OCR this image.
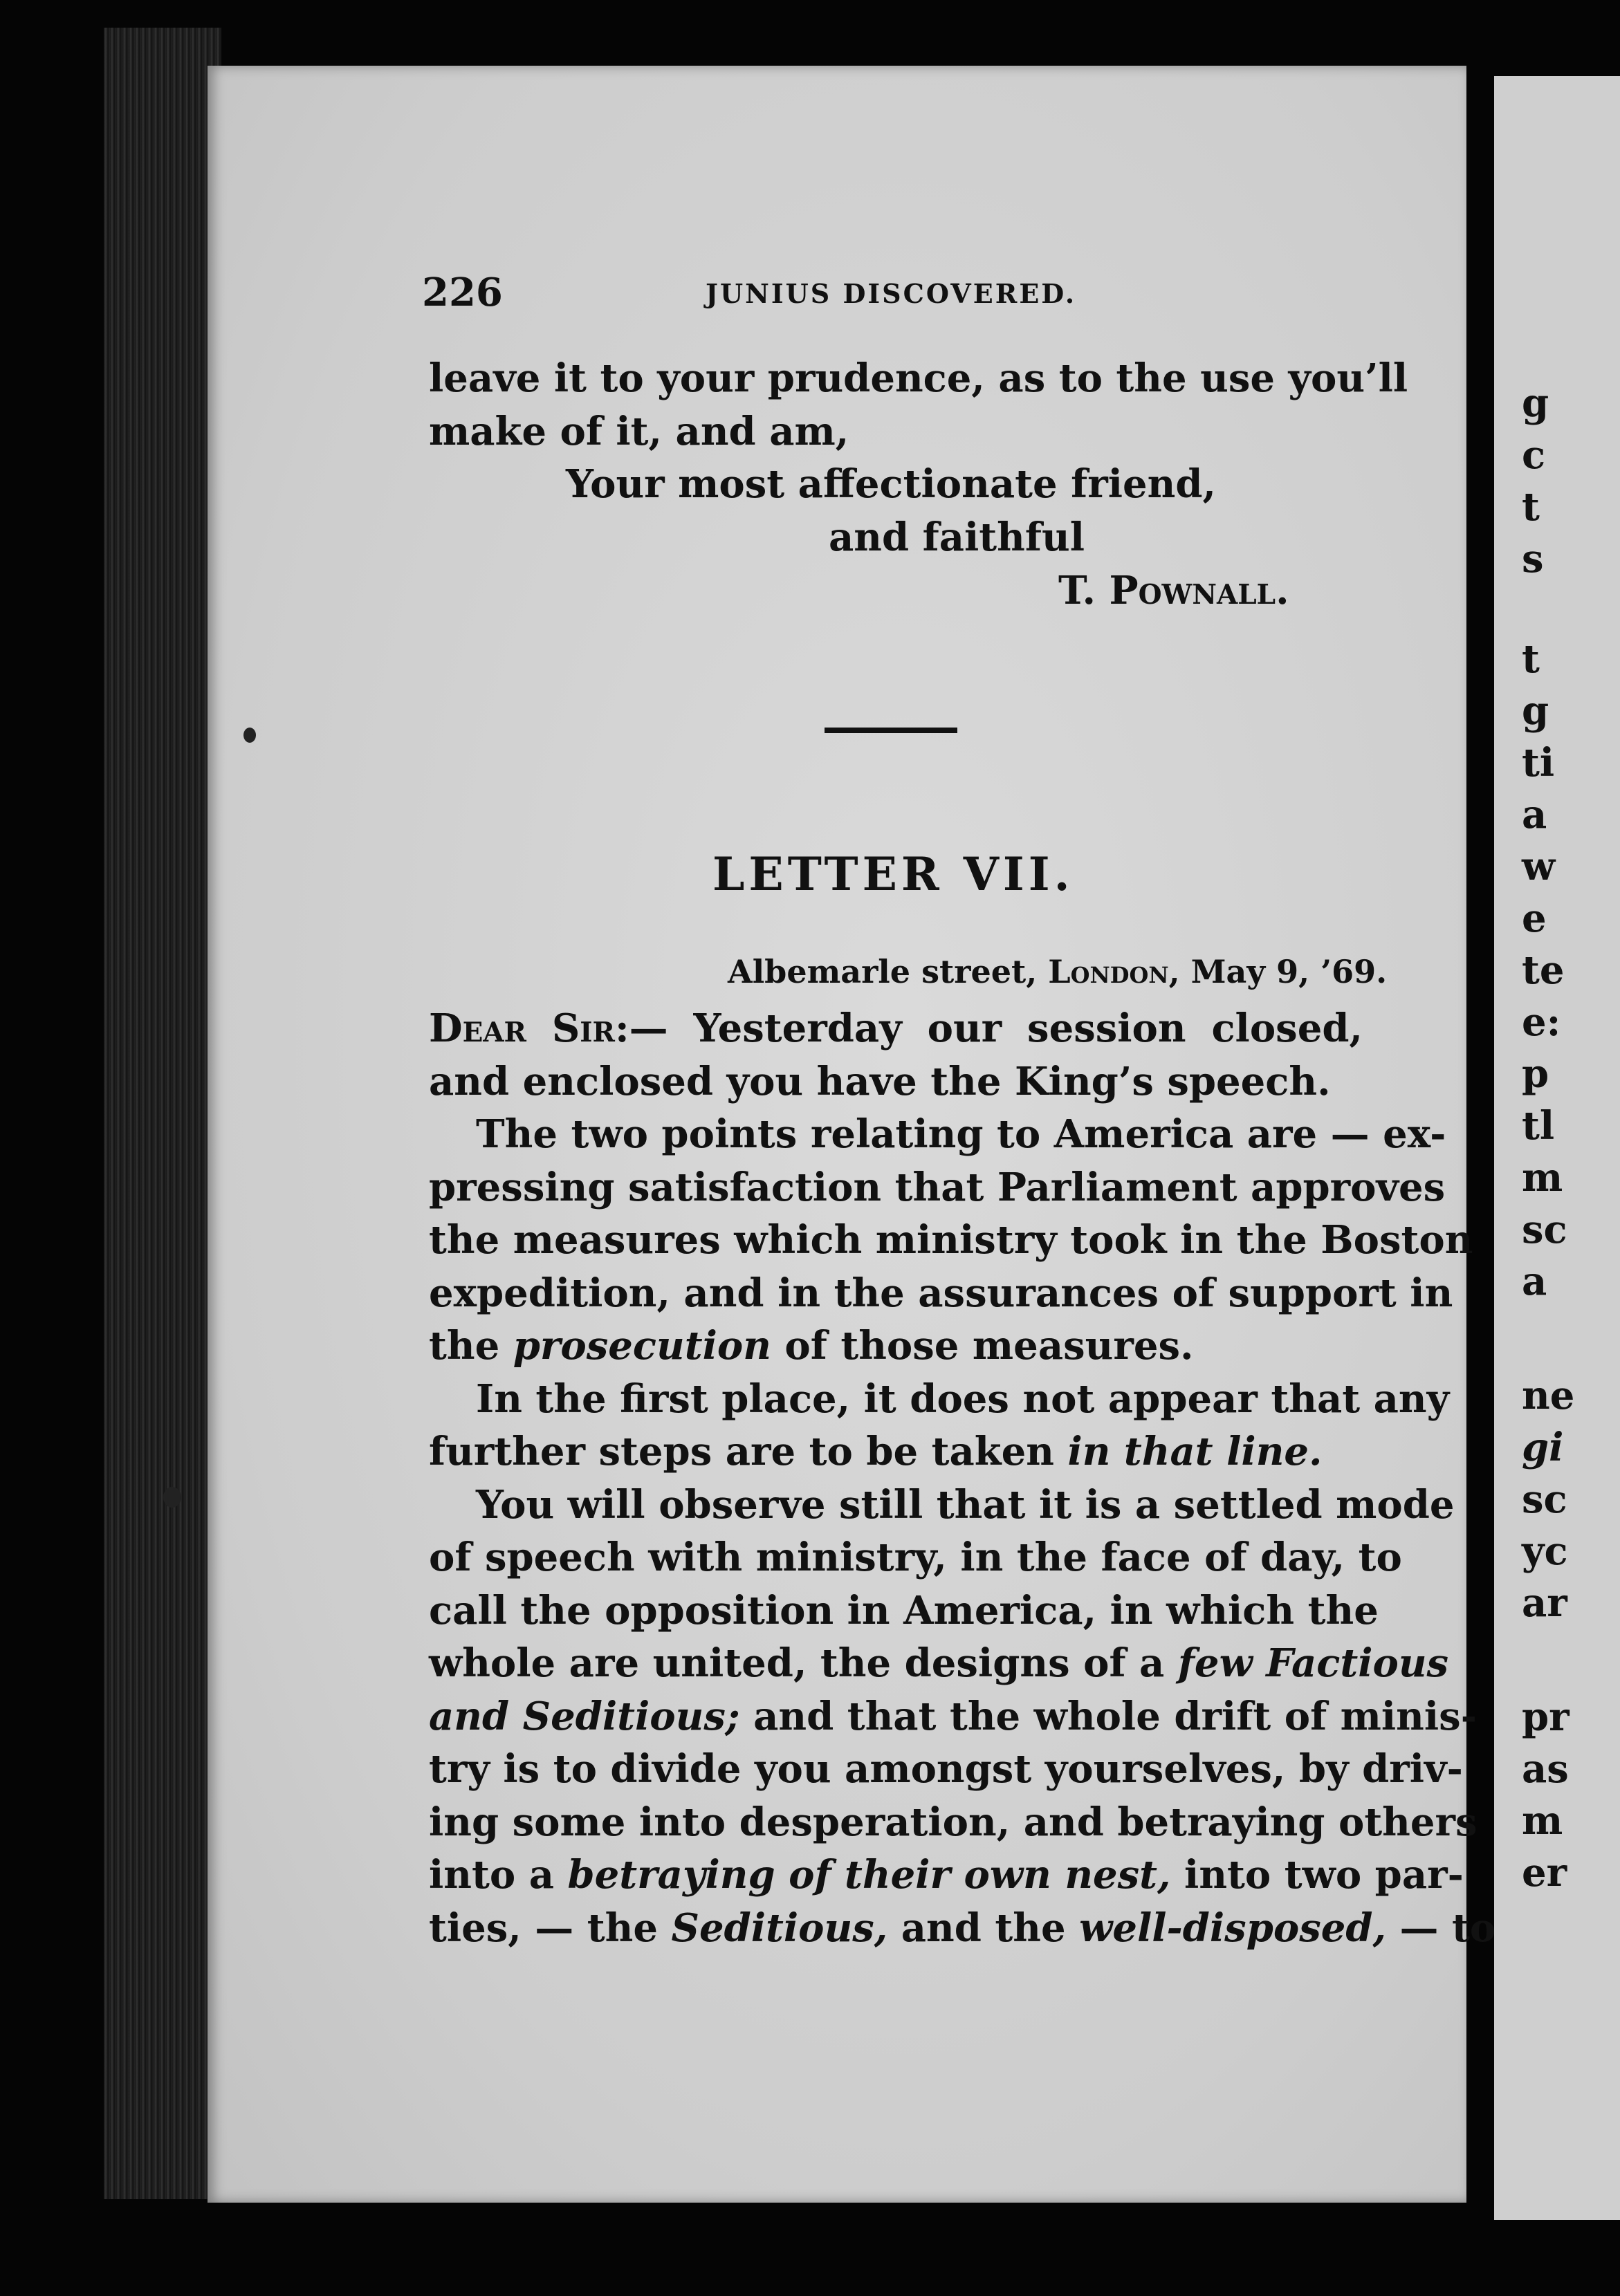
g
c
t
s
t
g
ti
a
w
e
te
e:
p
tl
m
sc
a
ne
gi
sc
yc
ar
pr
as
m
er
226	JUNIUS DISCOVERED.
leave it to your prudence, as to the use you’ll
make of it, and am,
Your most affectionate friend,
and faithful
T. Pownall.
LETTER VII.
Albemarle street, London, May 9, ’69.
Dear Sir:— Yesterday our session closed,
and enclosed you have the King’s speech.
The two points relating to America are — ex-
pressing satisfaction that Parliament approves
the measures which ministry took in the Boston
expedition, and in the assurances of support in
the prosecution of those measures.
In the first place, it does not appear that any
further steps are to be taken in that line.
You will observe still that it is a settled mode
of speech with ministry, in the face of day, to
call the opposition in America, in which the
whole are united, the designs of a few Factious
and Seditious; and that the whole drift of minis-
try is to divide you amongst yourselves, by driv-
ing some into desperation, and betraying others
into a betraying of their own nest, into two par-
ties, — the Seditious, and the well-disposed, — to
